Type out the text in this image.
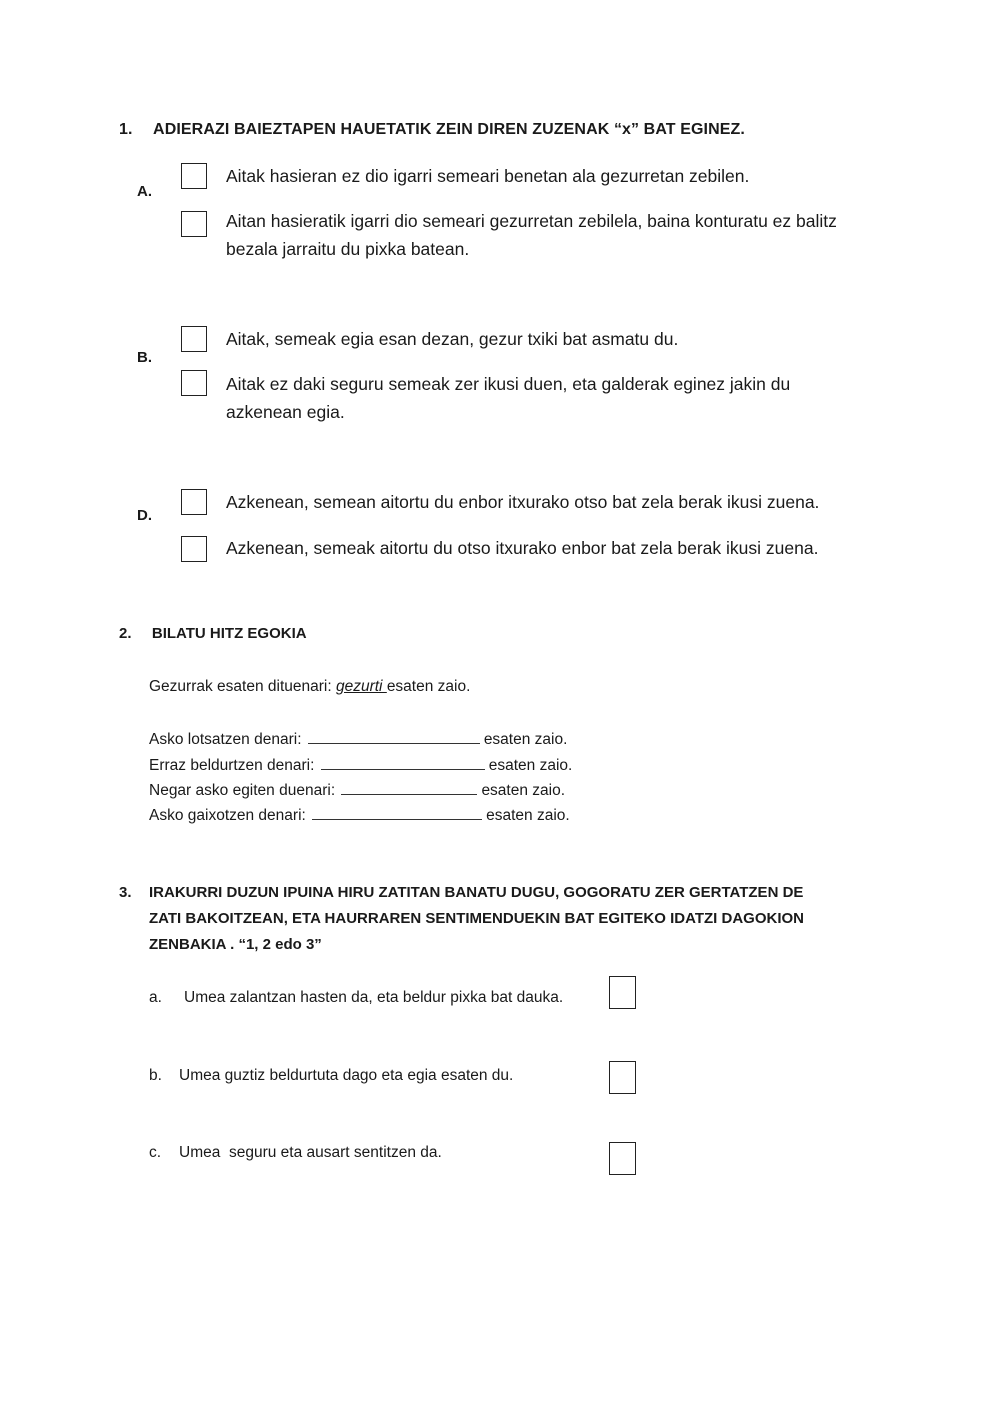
1. ADIERAZI BAIEZTAPEN HAUETATIK ZEIN DIREN ZUZENAK “x” BAT EGINEZ.
A.
Aitak hasieran ez dio igarri semeari benetan ala gezurretan zebilen.
Aitan hasieratik igarri dio semeari gezurretan zebilela, baina konturatu ez balitz bezala jarraitu du pixka batean.
B.
Aitak, semeak egia esan dezan, gezur txiki bat asmatu du.
Aitak ez daki seguru semeak zer ikusi duen, eta galderak eginez jakin du azkenean egia.
D.
Azkenean, semean aitortu du enbor itxurako otso bat zela berak ikusi zuena.
Azkenean, semeak aitortu du otso itxurako enbor bat zela berak ikusi zuena.
2. BILATU HITZ EGOKIA
Gezurrak esaten dituenari: gezurti esaten zaio.
Asko lotsatzen denari:	esaten zaio.
Erraz beldurtzen denari:	esaten zaio.
Negar asko egiten duenari:	esaten zaio.
Asko gaixotzen denari:	esaten zaio.
3. IRAKURRI DUZUN IPUINA HIRU ZATITAN BANATU DUGU, GOGORATU ZER GERTATZEN DE
ZATI BAKOITZEAN, ETA HAURRAREN SENTIMENDUEKIN BAT EGITEKO IDATZI DAGOKION
ZENBAKIA . “1, 2 edo 3”
a. Umea zalantzan hasten da, eta beldur pixka bat dauka.
b. Umea guztiz beldurtuta dago eta egia esaten du.
c. Umea  seguru eta ausart sentitzen da.
